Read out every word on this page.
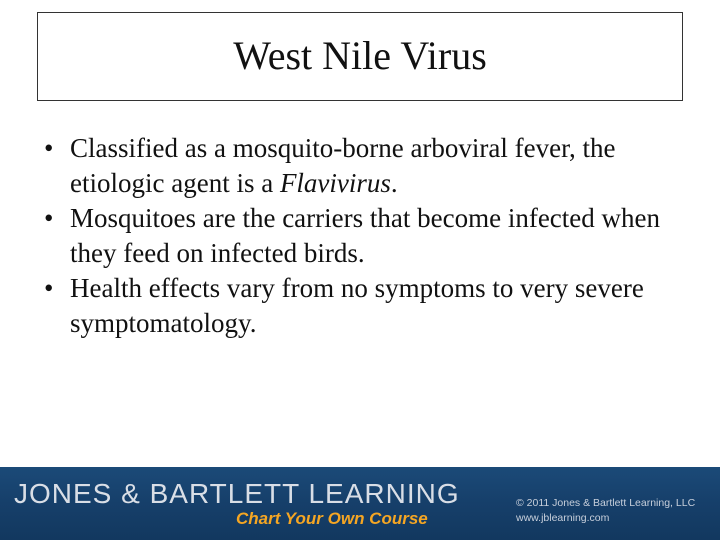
West Nile Virus
• Classified as a mosquito-borne arboviral fever, the etiologic agent is a Flavivirus.
• Mosquitoes are the carriers that become infected when they feed on infected birds.
• Health effects vary from no symptoms to very severe symptomatology.
JONES & BARTLETT LEARNING
Chart Your Own Course
© 2011 Jones & Bartlett Learning, LLC
www.jblearning.com
